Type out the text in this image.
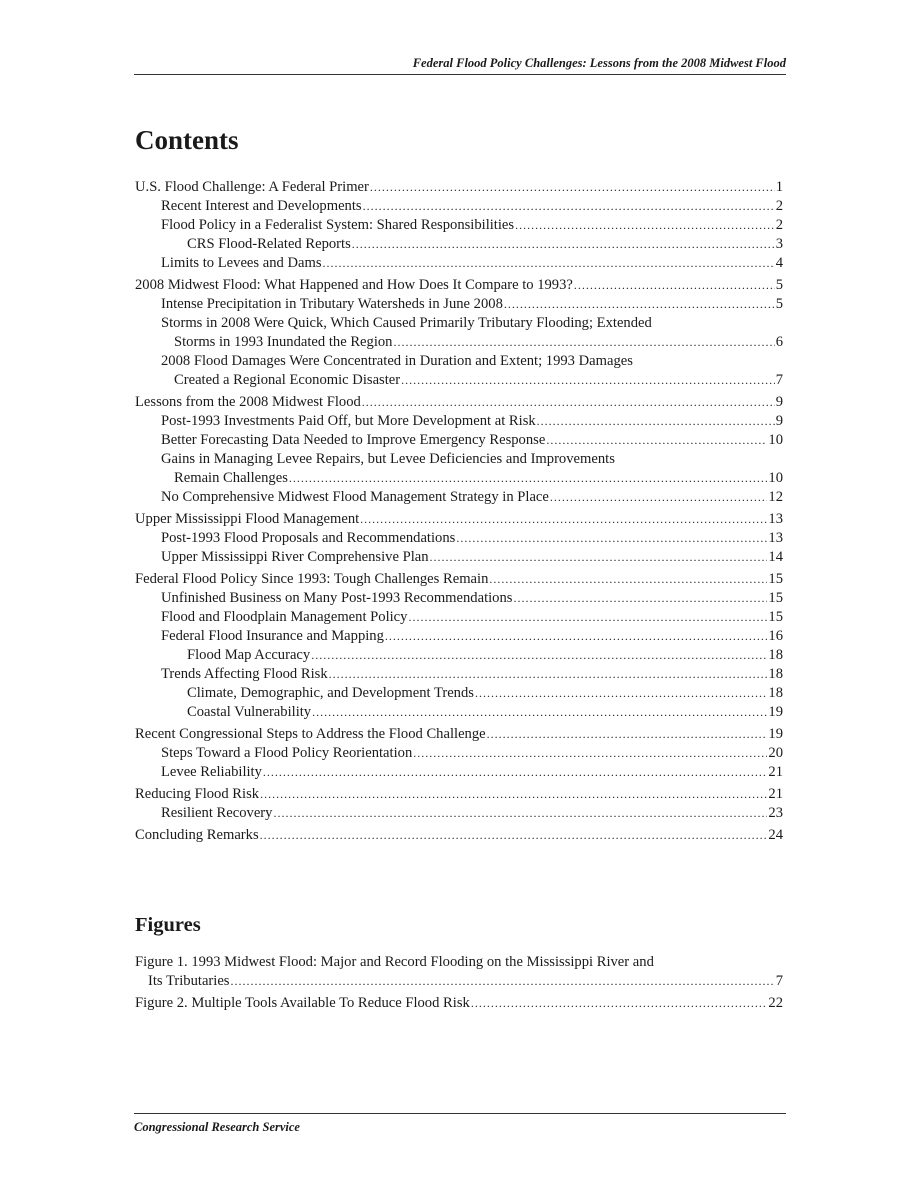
Federal Flood Policy Challenges: Lessons from the 2008 Midwest Flood
Contents
U.S. Flood Challenge: A Federal Primer .....	1
Recent Interest and Developments .....	2
Flood Policy in a Federalist System: Shared Responsibilities .....	2
CRS Flood-Related Reports .....	3
Limits to Levees and Dams .....	4
2008 Midwest Flood: What Happened and How Does It Compare to 1993? .....	5
Intense Precipitation in Tributary Watersheds in June 2008 .....	5
Storms in 2008 Were Quick, Which Caused Primarily Tributary Flooding; Extended
Storms in 1993 Inundated the Region .....	6
2008 Flood Damages Were Concentrated in Duration and Extent; 1993 Damages
Created a Regional Economic Disaster .....	7
Lessons from the 2008 Midwest Flood .....	9
Post-1993 Investments Paid Off, but More Development at Risk .....	9
Better Forecasting Data Needed to Improve Emergency Response .....	10
Gains in Managing Levee Repairs, but Levee Deficiencies and Improvements
Remain Challenges .....	10
No Comprehensive Midwest Flood Management Strategy in Place .....	12
Upper Mississippi Flood Management .....	13
Post-1993 Flood Proposals and Recommendations .....	13
Upper Mississippi River Comprehensive Plan .....	14
Federal Flood Policy Since 1993: Tough Challenges Remain .....	15
Unfinished Business on Many Post-1993 Recommendations .....	15
Flood and Floodplain Management Policy .....	15
Federal Flood Insurance and Mapping .....	16
Flood Map Accuracy .....	18
Trends Affecting Flood Risk .....	18
Climate, Demographic, and Development Trends .....	18
Coastal Vulnerability .....	19
Recent Congressional Steps to Address the Flood Challenge .....	19
Steps Toward a Flood Policy Reorientation .....	20
Levee Reliability .....	21
Reducing Flood Risk .....	21
Resilient Recovery .....	23
Concluding Remarks .....	24
Figures
Figure 1. 1993 Midwest Flood: Major and Record Flooding on the Mississippi River and
Its Tributaries .....	7
Figure 2. Multiple Tools Available To Reduce Flood Risk .....	22
Congressional Research Service
